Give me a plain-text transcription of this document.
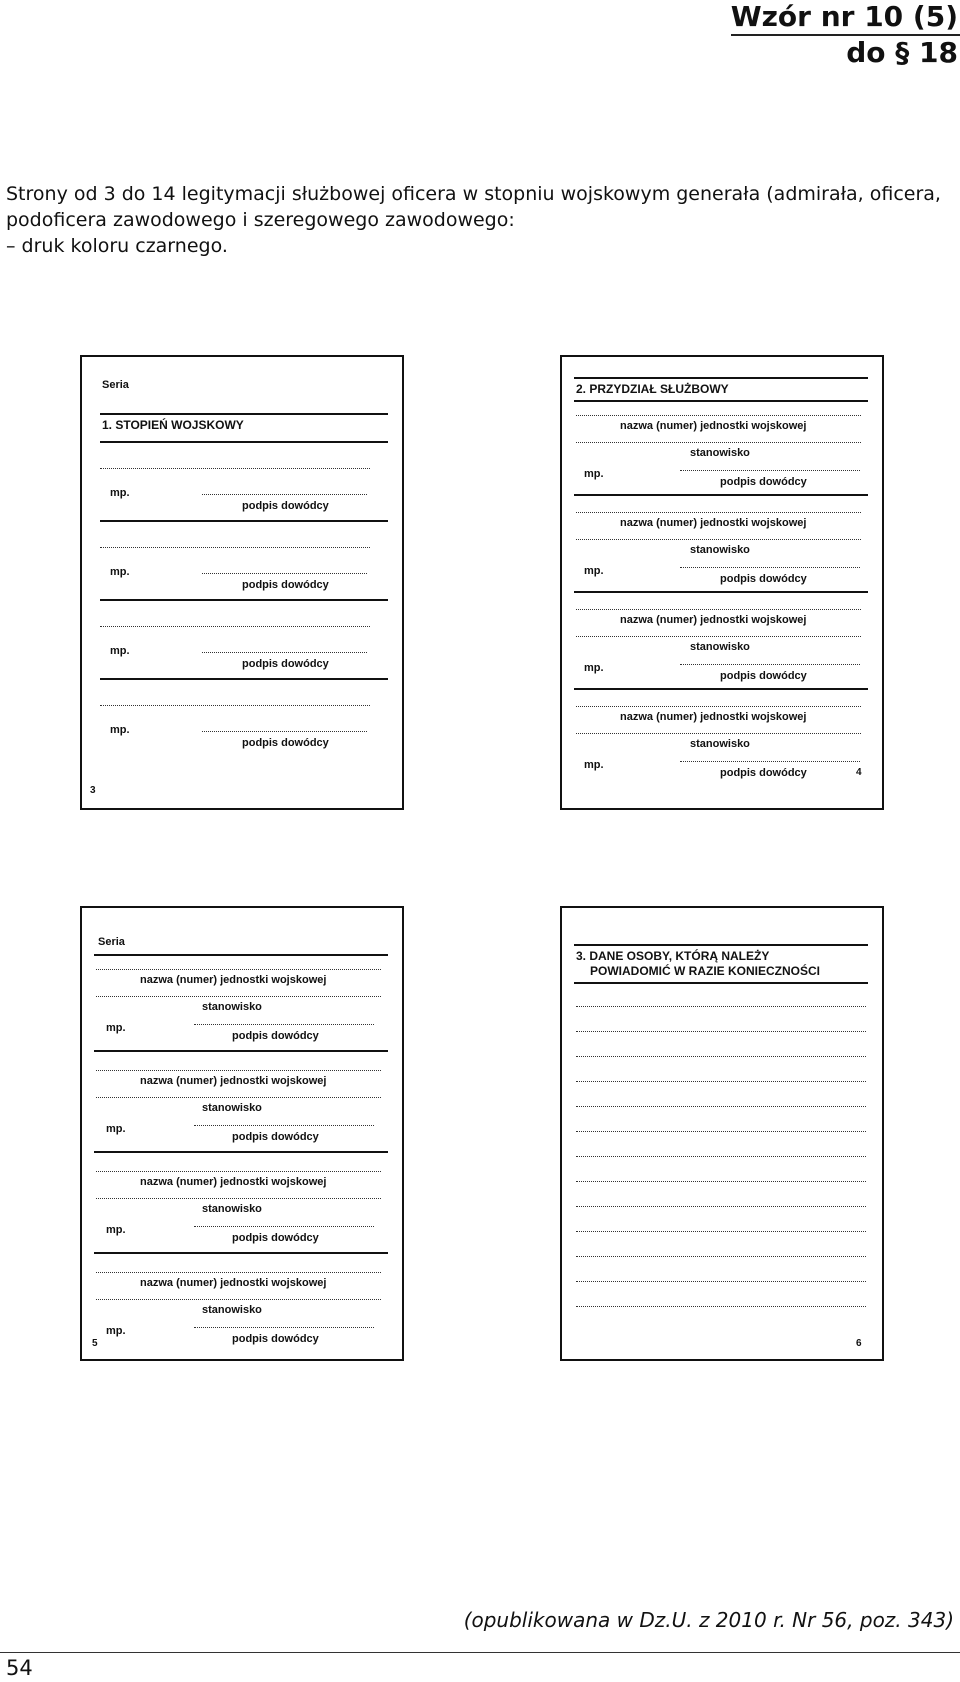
Wzór nr 10 (5)
do § 18
Strony od 3 do 14 legitymacji służbowej oficera w stopniu wojskowym generała (admirała, oficera,
podoficera zawodowego i szeregowego zawodowego:
– druk koloru czarnego.
Seria
1. STOPIEŃ WOJSKOWY
mp.
podpis dowódcy
mp.
podpis dowódcy
mp.
podpis dowódcy
mp.
podpis dowódcy
3
2. PRZYDZIAŁ SŁUŻBOWY
nazwa (numer) jednostki wojskowej
stanowisko
mp.
podpis dowódcy
nazwa (numer) jednostki wojskowej
stanowisko
mp.
podpis dowódcy
nazwa (numer) jednostki wojskowej
stanowisko
mp.
podpis dowódcy
nazwa (numer) jednostki wojskowej
stanowisko
mp.
podpis dowódcy	4
Seria
nazwa (numer) jednostki wojskowej
stanowisko
mp.
podpis dowódcy
nazwa (numer) jednostki wojskowej
stanowisko
mp.
podpis dowódcy
nazwa (numer) jednostki wojskowej
stanowisko
mp.
podpis dowódcy
nazwa (numer) jednostki wojskowej
stanowisko
mp.
podpis dowódcy
5
3. DANE OSOBY, KTÓRĄ NALEŻY
POWIADOMIĆ W RAZIE KONIECZNOŚCI
6
(opublikowana w Dz.U. z 2010 r. Nr 56, poz. 343)
54
